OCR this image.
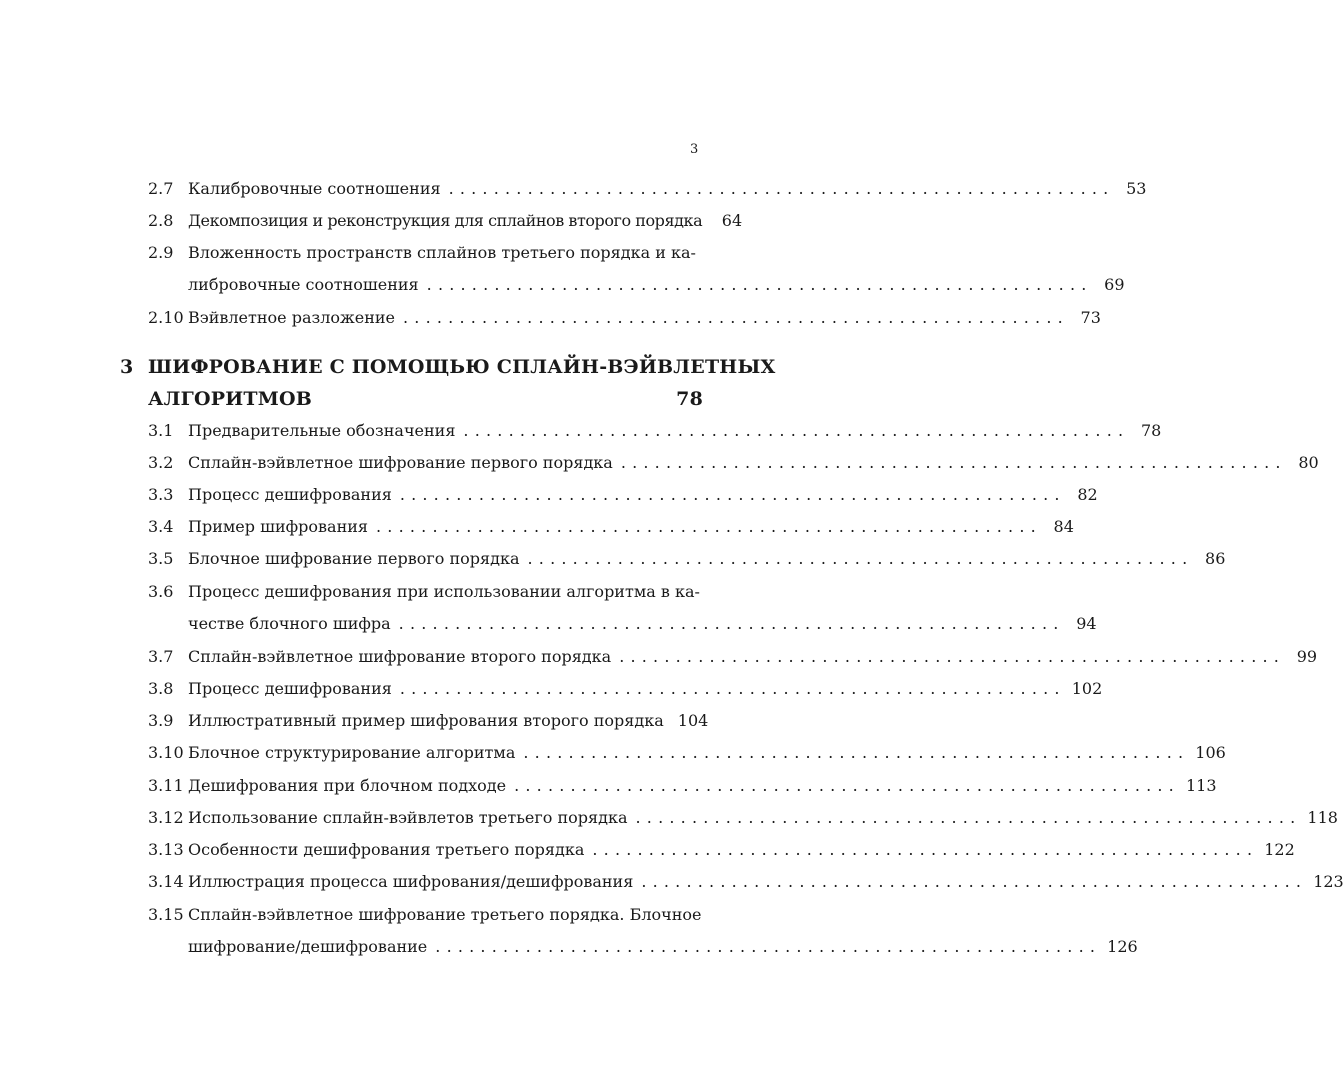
3
2.7 Калибровочные соотношения ........................................................... 53
2.8 Декомпозиция и реконструкция для сплайнов второго порядка	64
2.9 Вложенность пространств сплайнов третьего порядка и ка-
либровочные соотношения ........................................................... 69
2.10 Вэйвлетное разложение ........................................................... 73
3 ШИФРОВАНИЕ С ПОМОЩЬЮ СПЛАЙН-ВЭЙВЛЕТНЫХ
АЛГОРИТМОВ	78
3.1 Предварительные обозначения ........................................................... 78
3.2 Сплайн-вэйвлетное шифрование первого порядка ........................................................... 80
3.3 Процесс дешифрования ........................................................... 82
3.4 Пример шифрования ........................................................... 84
3.5 Блочное шифрование первого порядка ........................................................... 86
3.6 Процесс дешифрования при использовании алгоритма в ка-
честве блочного шифра ........................................................... 94
3.7 Сплайн-вэйвлетное шифрование второго порядка ........................................................... 99
3.8 Процесс дешифрования ........................................................... 102
3.9 Иллюстративный пример шифрования второго порядка 104
3.10 Блочное структурирование алгоритма ........................................................... 106
3.11 Дешифрования при блочном подходе ........................................................... 113
3.12 Использование сплайн-вэйвлетов третьего порядка ........................................................... 118
3.13 Особенности дешифрования третьего порядка ........................................................... 122
3.14 Иллюстрация процесса шифрования/дешифрования ........................................................... 123
3.15 Сплайн-вэйвлетное шифрование третьего порядка. Блочное
шифрование/дешифрование ........................................................... 126
